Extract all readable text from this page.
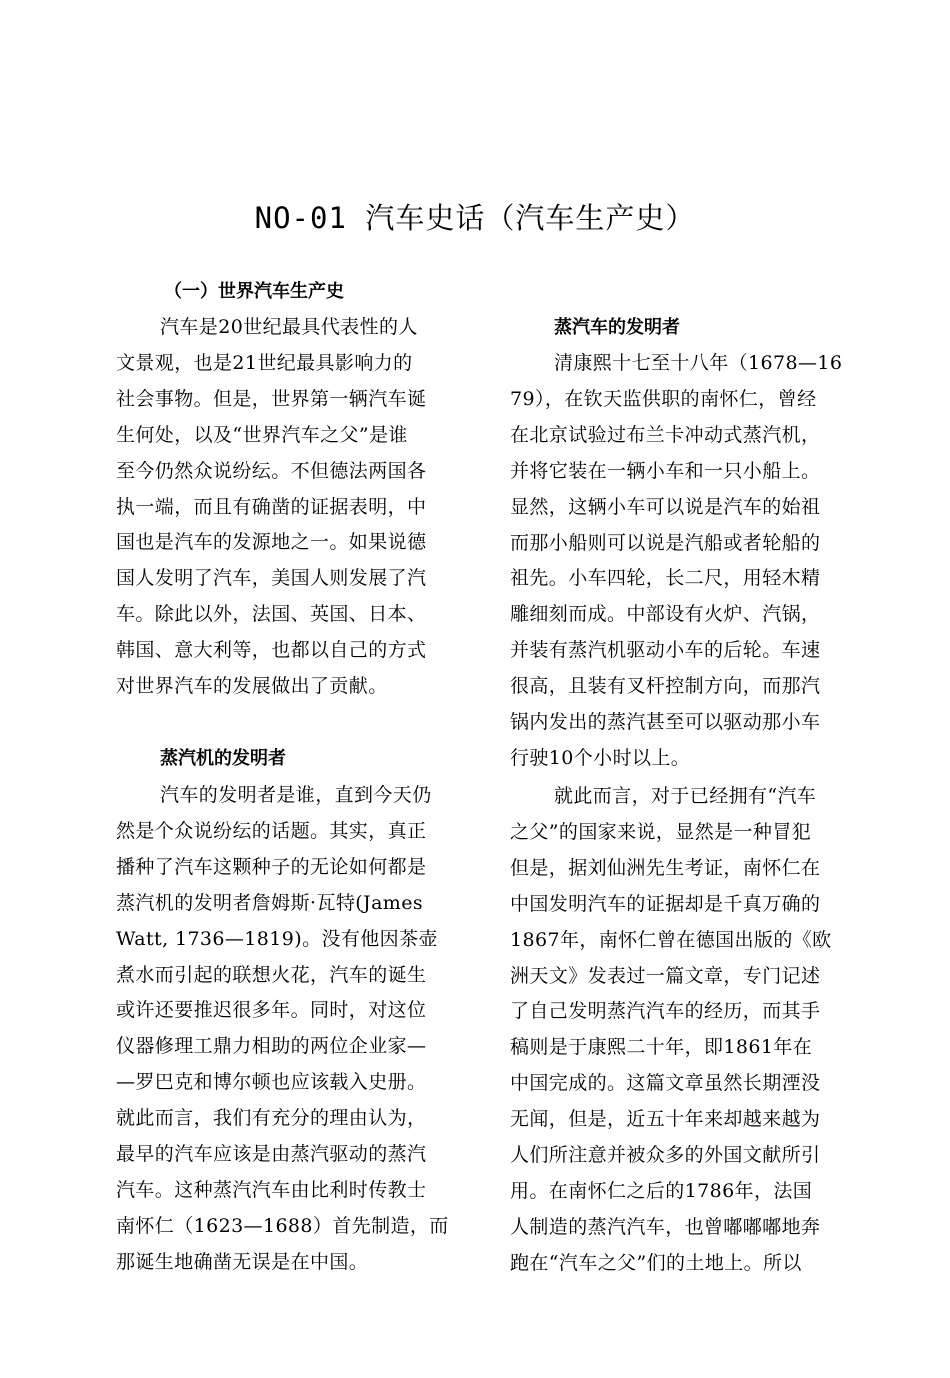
NO-01 汽车史话（汽车生产史）
（一）世界汽车生产史
汽车是20世纪最具代表性的人
文景观，也是21世纪最具影响力的
社会事物。但是，世界第一辆汽车诞
生何处，以及“世界汽车之父”是谁
至今仍然众说纷纭。不但德法两国各
执一端，而且有确凿的证据表明，中
国也是汽车的发源地之一。如果说德
国人发明了汽车，美国人则发展了汽
车。除此以外，法国、英国、日本、
韩国、意大利等，也都以自己的方式
对世界汽车的发展做出了贡献。
蒸汽机的发明者
汽车的发明者是谁，直到今天仍
然是个众说纷纭的话题。其实，真正
播种了汽车这颗种子的无论如何都是
蒸汽机的发明者詹姆斯·瓦特(James
Watt, 1736—1819)。没有他因茶壶
煮水而引起的联想火花，汽车的诞生
或许还要推迟很多年。同时，对这位
仪器修理工鼎力相助的两位企业家—
—罗巴克和博尔顿也应该载入史册。
就此而言，我们有充分的理由认为，
最早的汽车应该是由蒸汽驱动的蒸汽
汽车。这种蒸汽汽车由比利时传教士
南怀仁（1623—1688）首先制造，而
那诞生地确凿无误是在中国。
蒸汽车的发明者
清康熙十七至十八年（1678—16
79），在钦天监供职的南怀仁，曾经
在北京试验过布兰卡冲动式蒸汽机，
并将它装在一辆小车和一只小船上。
显然，这辆小车可以说是汽车的始祖
而那小船则可以说是汽船或者轮船的
祖先。小车四轮，长二尺，用轻木精
雕细刻而成。中部设有火炉、汽锅，
并装有蒸汽机驱动小车的后轮。车速
很高，且装有叉杆控制方向，而那汽
锅内发出的蒸汽甚至可以驱动那小车
行驶10个小时以上。
就此而言，对于已经拥有“汽车
之父”的国家来说，显然是一种冒犯
但是，据刘仙洲先生考证，南怀仁在
中国发明汽车的证据却是千真万确的
1867年，南怀仁曾在德国出版的《欧
洲天文》发表过一篇文章，专门记述
了自己发明蒸汽汽车的经历，而其手
稿则是于康熙二十年，即1861年在
中国完成的。这篇文章虽然长期湮没
无闻，但是，近五十年来却越来越为
人们所注意并被众多的外国文献所引
用。在南怀仁之后的1786年，法国
人制造的蒸汽汽车，也曾嘟嘟嘟地奔
跑在“汽车之父”们的土地上。所以
